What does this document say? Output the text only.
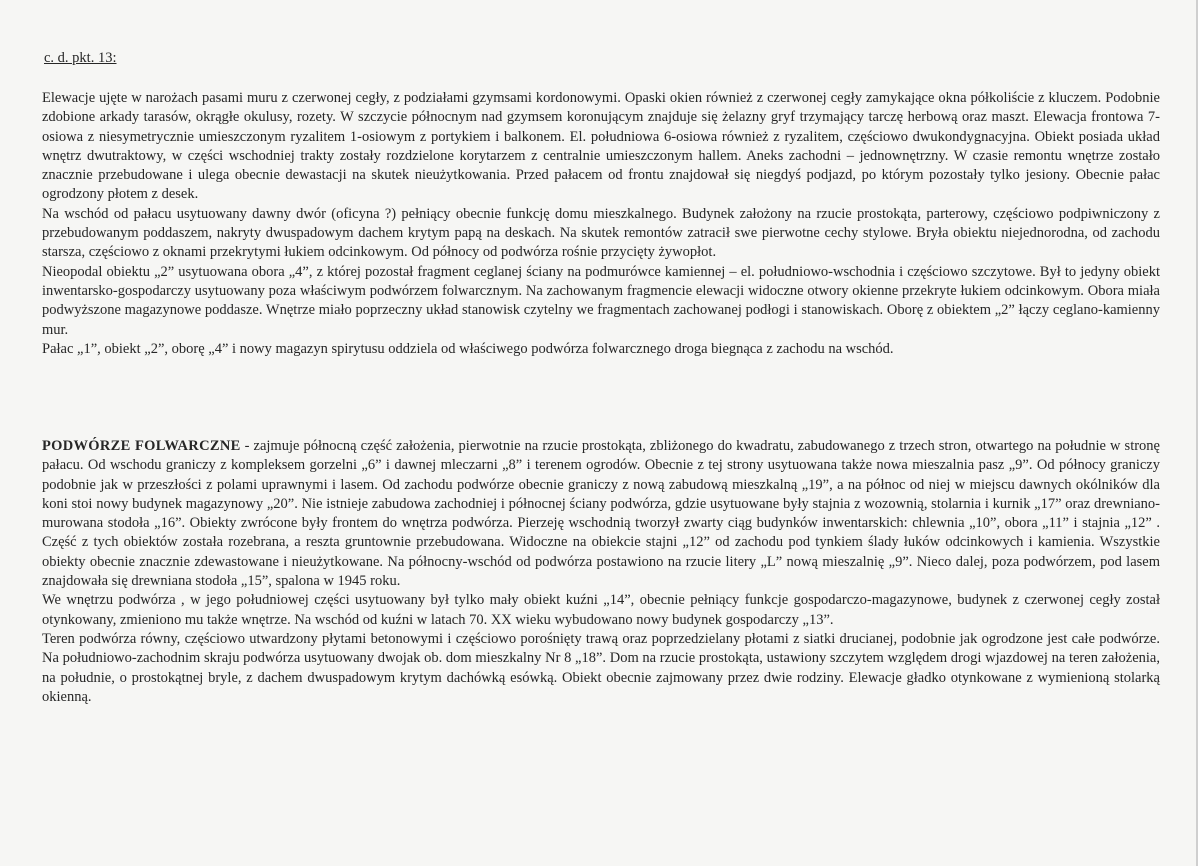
c. d. pkt. 13:

Elewacje ujęte w narożach pasami muru z czerwonej cegły, z podziałami gzymsami kordonowymi. Opaski okien również z czerwonej cegły zamykające okna półkoliście z kluczem. Podobnie zdobione arkady tarasów, okrągłe okulusy, rozety. W szczycie północnym nad gzymsem koronującym znajduje się żelazny gryf trzymający tarczę herbową oraz maszt. Elewacja frontowa 7-osiowa z niesymetrycznie umieszczonym ryzalitem 1-osiowym z portykiem i balkonem. El. południowa 6-osiowa również z ryzalitem, częściowo dwukondygnacyjna. Obiekt posiada układ wnętrz dwutraktowy, w części wschodniej trakty zostały rozdzielone korytarzem z centralnie umieszczonym hallem. Aneks zachodni – jednownętrzny. W czasie remontu wnętrze zostało znacznie przebudowane i ulega obecnie dewastacji na skutek nieużytkowania. Przed pałacem od frontu znajdował się niegdyś podjazd, po którym pozostały tylko jesiony. Obecnie pałac ogrodzony płotem z desek.

Na wschód od pałacu usytuowany dawny dwór (oficyna ?) pełniący obecnie funkcję domu mieszkalnego. Budynek założony na rzucie prostokąta, parterowy, częściowo podpiwniczony z przebudowanym poddaszem, nakryty dwuspadowym dachem krytym papą na deskach. Na skutek remontów zatracił swe pierwotne cechy stylowe. Bryła obiektu niejednorodna, od zachodu starsza, częściowo z oknami przekrytymi łukiem odcinkowym. Od północy od podwórza rośnie przycięty żywopłot.

Nieopodal obiektu „2” usytuowana obora „4”, z której pozostał fragment ceglanej ściany na podmurówce kamiennej – el. południowo-wschodnia i częściowo szczytowe. Był to jedyny obiekt inwentarsko-gospodarczy usytuowany poza właściwym podwórzem folwarcznym. Na zachowanym fragmencie elewacji widoczne otwory okienne przekryte łukiem odcinkowym. Obora miała podwyższone magazynowe poddasze. Wnętrze miało poprzeczny układ stanowisk czytelny we fragmentach zachowanej podłogi i stanowiskach. Oborę z obiektem „2” łączy ceglano-kamienny mur.

Pałac „1”, obiekt „2”, oborę „4” i nowy magazyn spirytusu oddziela od właściwego podwórza folwarcznego droga biegnąca z zachodu na wschód.

PODWÓRZE FOLWARCZNE - zajmuje północną część założenia, pierwotnie na rzucie prostokąta, zbliżonego do kwadratu, zabudowanego z trzech stron, otwartego na południe w stronę pałacu. Od wschodu graniczy z kompleksem gorzelni „6” i dawnej mleczarni „8” i terenem ogrodów. Obecnie z tej strony usytuowana także nowa mieszalnia pasz „9”. Od północy graniczy podobnie jak w przeszłości z polami uprawnymi i lasem. Od zachodu podwórze obecnie graniczy z nową zabudową mieszkalną „19”, a na północ od niej w miejscu dawnych okólników dla koni stoi nowy budynek magazynowy „20”. Nie istnieje zabudowa zachodniej i północnej ściany podwórza, gdzie usytuowane były stajnia z wozownią, stolarnia i kurnik „17” oraz drewniano-murowana stodoła „16”. Obiekty zwrócone były frontem do wnętrza podwórza. Pierzeję wschodnią tworzył zwarty ciąg budynków inwentarskich: chlewnia „10”, obora „11” i stajnia „12” . Część z tych obiektów została rozebrana, a reszta gruntownie przebudowana. Widoczne na obiekcie stajni „12” od zachodu pod tynkiem ślady łuków odcinkowych i kamienia. Wszystkie obiekty obecnie znacznie zdewastowane i nieużytkowane. Na północny-wschód od podwórza postawiono na rzucie litery „L” nową mieszalnię „9”. Nieco dalej, poza podwórzem, pod lasem znajdowała się drewniana stodoła „15”, spalona w 1945 roku.

We wnętrzu podwórza , w jego południowej części usytuowany był tylko mały obiekt kuźni „14”, obecnie pełniący funkcje gospodarczo-magazynowe, budynek z czerwonej cegły został otynkowany, zmieniono mu także wnętrze. Na wschód od kuźni w latach 70. XX wieku wybudowano nowy budynek gospodarczy „13”.

Teren podwórza równy, częściowo utwardzony płytami betonowymi i częściowo porośnięty trawą oraz poprzedzielany płotami z siatki drucianej, podobnie jak ogrodzone jest całe podwórze. Na południowo-zachodnim skraju podwórza usytuowany dwojak ob. dom mieszkalny Nr 8 „18”. Dom na rzucie prostokąta, ustawiony szczytem względem drogi wjazdowej na teren założenia, na południe, o prostokątnej bryle, z dachem dwuspadowym krytym dachówką esówką. Obiekt obecnie zajmowany przez dwie rodziny. Elewacje gładko otynkowane z wymienioną stolarką okienną.
